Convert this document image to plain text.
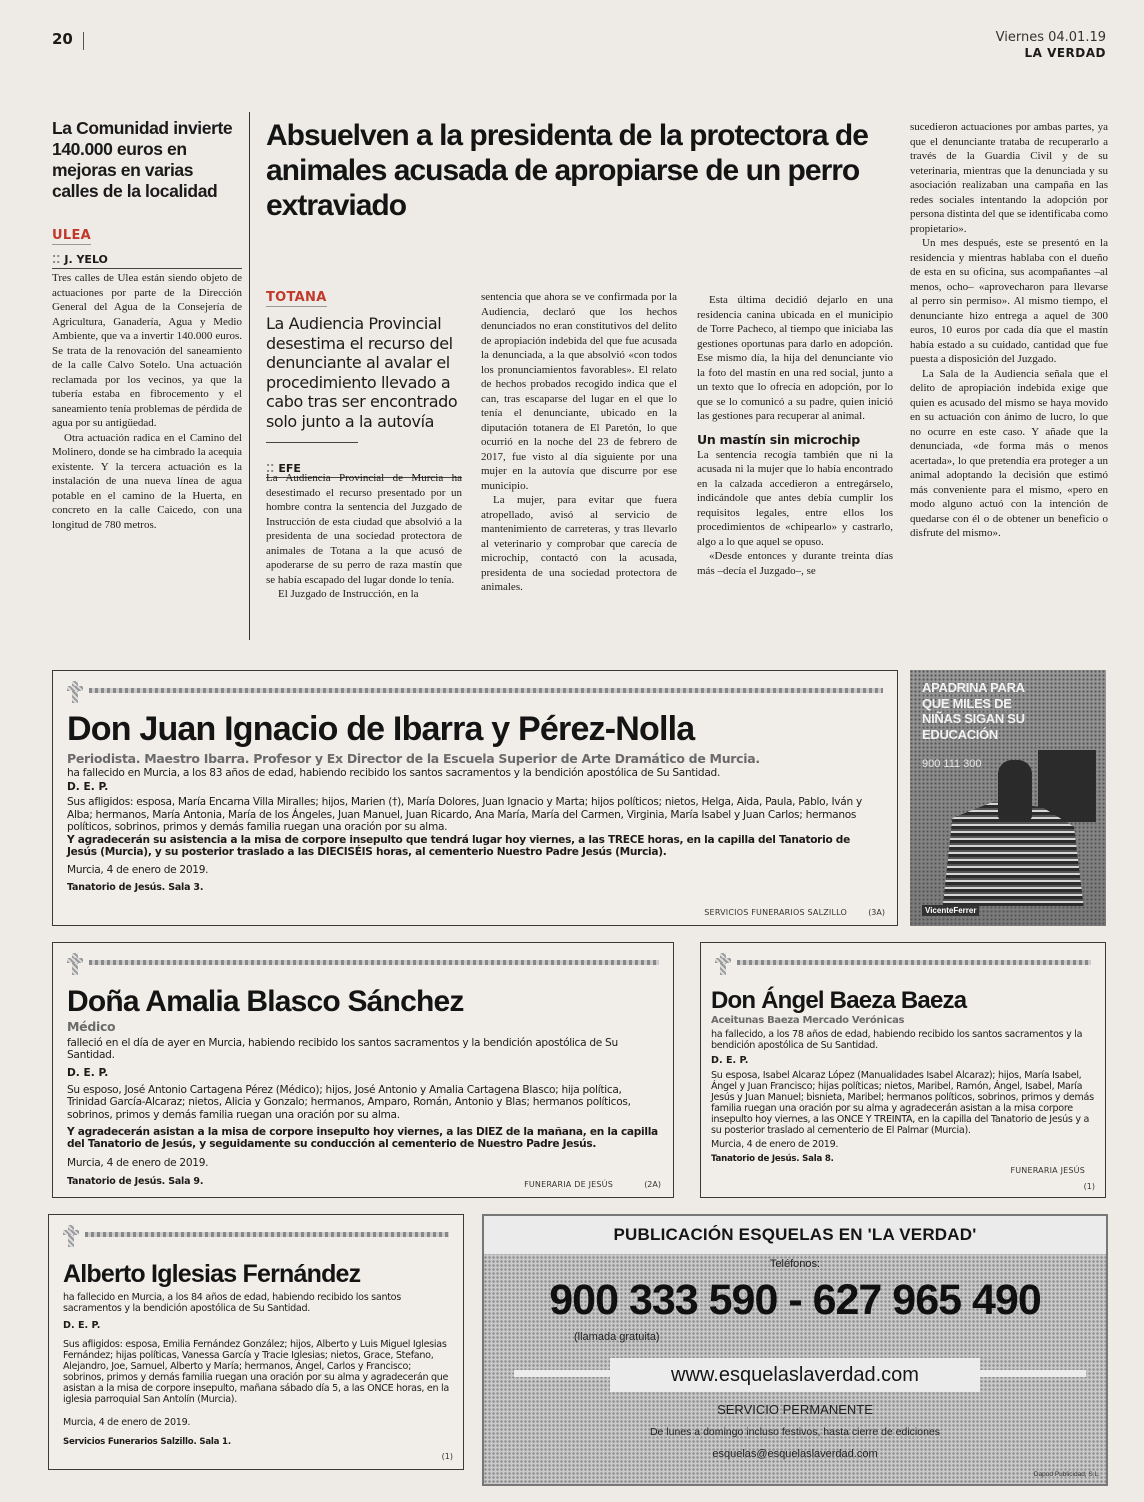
20	Viernes 04.01.19
LA VERDAD
La Comunidad invierte 140.000 euros en mejoras en varias calles de la localidad
ULEA
⁚⁚ J. YELO

Tres calles de Ulea están siendo objeto de actuaciones por parte de la Dirección General del Agua de la Consejería de Agricultura, Ganadería, Agua y Medio Ambiente, que va a invertir 140.000 euros. Se trata de la renovación del saneamiento de la calle Calvo Sotelo. Una actuación reclamada por los vecinos, ya que la tubería estaba en fibrocemento y el saneamiento tenía problemas de pérdida de agua por su antigüedad.

Otra actuación radica en el Camino del Molinero, donde se ha cimbrado la acequia existente. Y la tercera actuación es la instalación de una nueva línea de agua potable en el camino de la Huerta, en concreto en la calle Caicedo, con una longitud de 780 metros.

Absuelven a la presidenta de la protectora de animales acusada de apropiarse de un perro extraviado
TOTANA
La Audiencia Provincial desestima el recurso del denunciante al avalar el procedimiento llevado a cabo tras ser encontrado solo junto a la autovía
⁚⁚ EFE

La Audiencia Provincial de Murcia ha desestimado el recurso presentado por un hombre contra la sentencia del Juzgado de Instrucción de esta ciudad que absolvió a la presidenta de una sociedad protectora de animales de Totana a la que acusó de apoderarse de su perro de raza mastín que se había escapado del lugar donde lo tenía.

El Juzgado de Instrucción, en la

sentencia que ahora se ve confirmada por la Audiencia, declaró que los hechos denunciados no eran constitutivos del delito de apropiación indebida del que fue acusada la denunciada, a la que absolvió «con todos los pronunciamientos favorables». El relato de hechos probados recogido indica que el can, tras escaparse del lugar en el que lo tenía el denunciante, ubicado en la diputación totanera de El Paretón, lo que ocurrió en la noche del 23 de febrero de 2017, fue visto al día siguiente por una mujer en la autovía que discurre por ese municipio.

La mujer, para evitar que fuera atropellado, avisó al servicio de mantenimiento de carreteras, y tras llevarlo al veterinario y comprobar que carecía de microchip, contactó con la acusada, presidenta de una sociedad protectora de animales.

Esta última decidió dejarlo en una residencia canina ubicada en el municipio de Torre Pacheco, al tiempo que iniciaba las gestiones oportunas para darlo en adopción. Ese mismo día, la hija del denunciante vio la foto del mastín en una red social, junto a un texto que lo ofrecía en adopción, por lo que se lo comunicó a su padre, quien inició las gestiones para recuperar al animal.

Un mastín sin microchip

La sentencia recogía también que ni la acusada ni la mujer que lo había encontrado en la calzada accedieron a entregárselo, indicándole que antes debía cumplir los requisitos legales, entre ellos los procedimientos de «chipearlo» y castrarlo, algo a lo que aquel se opuso.

«Desde entonces y durante treinta días más –decía el Juzgado–, se

sucedieron actuaciones por ambas partes, ya que el denunciante trataba de recuperarlo a través de la Guardia Civil y de su veterinaria, mientras que la denunciada y su asociación realizaban una campaña en las redes sociales intentando la adopción por persona distinta del que se identificaba como propietario».

Un mes después, este se presentó en la residencia y mientras hablaba con el dueño de esta en su oficina, sus acompañantes –al menos, ocho– «aprovecharon para llevarse al perro sin permiso». Al mismo tiempo, el denunciante hizo entrega a aquel de 300 euros, 10 euros por cada día que el mastín había estado a su cuidado, cantidad que fue puesta a disposición del Juzgado.

La Sala de la Audiencia señala que el delito de apropiación indebida exige que quien es acusado del mismo se haya movido en su actuación con ánimo de lucro, lo que no ocurre en este caso. Y añade que la denunciada, «de forma más o menos acertada», lo que pretendía era proteger a un animal adoptando la decisión que estimó más conveniente para el mismo, «pero en modo alguno actuó con la intención de quedarse con él o de obtener un beneficio o disfrute del mismo».

Don Juan Ignacio de Ibarra y Pérez-Nolla
Periodista. Maestro Ibarra. Profesor y Ex Director de la Escuela Superior de Arte Dramático de Murcia.
ha fallecido en Murcia, a los 83 años de edad, habiendo recibido los santos sacramentos y la bendición apostólica de Su Santidad.
D. E. P.
Sus afligidos: esposa, María Encarna Villa Miralles; hijos, Marien (†), María Dolores, Juan Ignacio y Marta; hijos políticos; nietos, Helga, Aida, Paula, Pablo, Iván y Alba; hermanos, María Antonia, María de los Ángeles, Juan Manuel, Juan Ricardo, Ana María, María del Carmen, Virginia, María Isabel y Juan Carlos; hermanos políticos, sobrinos, primos y demás familia ruegan una oración por su alma.
Y agradecerán su asistencia a la misa de corpore insepulto que tendrá lugar hoy viernes, a las TRECE horas, en la capilla del Tanatorio de Jesús (Murcia), y su posterior traslado a las DIECISÉIS horas, al cementerio Nuestro Padre Jesús (Murcia).
Murcia, 4 de enero de 2019.
Tanatorio de Jesús. Sala 3.
SERVICIOS FUNERARIOS SALZILLO	(3A)
APADRINA PARA QUE MILES DE NIÑAS SIGAN SU EDUCACIÓN
900 111 300
VicenteFerrer
Doña Amalia Blasco Sánchez
Médico
falleció en el día de ayer en Murcia, habiendo recibido los santos sacramentos y la bendición apostólica de Su Santidad.
D. E. P.
Su esposo, José Antonio Cartagena Pérez (Médico); hijos, José Antonio y Amalia Cartagena Blasco; hija política, Trinidad García-Alcaraz; nietos, Alicia y Gonzalo; hermanos, Amparo, Román, Antonio y Blas; hermanos políticos, sobrinos, primos y demás familia ruegan una oración por su alma.
Y agradecerán asistan a la misa de corpore insepulto hoy viernes, a las DIEZ de la mañana, en la capilla del Tanatorio de Jesús, y seguidamente su conducción al cementerio de Nuestro Padre Jesús.
Murcia, 4 de enero de 2019.
Tanatorio de Jesús. Sala 9.	FUNERARIA DE JESÚS	(2A)
Don Ángel Baeza Baeza
Aceitunas Baeza Mercado Verónicas
ha fallecido, a los 78 años de edad, habiendo recibido los santos sacramentos y la bendición apostólica de Su Santidad.
D. E. P.
Su esposa, Isabel Alcaraz López (Manualidades Isabel Alcaraz); hijos, María Isabel, Ángel y Juan Francisco; hijas políticas; nietos, Maribel, Ramón, Ángel, Isabel, María Jesús y Juan Manuel; bisnieta, Maribel; hermanos políticos, sobrinos, primos y demás familia ruegan una oración por su alma y agradecerán asistan a la misa corpore insepulto hoy viernes, a las ONCE Y TREINTA, en la capilla del Tanatorio de Jesús y a su posterior traslado al cementerio de El Palmar (Murcia).
Murcia, 4 de enero de 2019.
Tanatorio de Jesús. Sala 8.
FUNERARIA JESÚS
(1)
Alberto Iglesias Fernández
ha fallecido en Murcia, a los 84 años de edad, habiendo recibido los santos sacramentos y la bendición apostólica de Su Santidad.
D. E. P.
Sus afligidos: esposa, Emilia Fernández González; hijos, Alberto y Luis Miguel Iglesias Fernández; hijas políticas, Vanessa García y Tracie Iglesias; nietos, Grace, Stefano, Alejandro, Joe, Samuel, Alberto y María; hermanos, Ángel, Carlos y Francisco; sobrinos, primos y demás familia ruegan una oración por su alma y agradecerán que asistan a la misa de corpore insepulto, mañana sábado día 5, a las ONCE horas, en la iglesia parroquial San Antolín (Murcia).
Murcia, 4 de enero de 2019.
Servicios Funerarios Salzillo. Sala 1.
(1)
PUBLICACIÓN ESQUELAS EN 'LA VERDAD'
Teléfonos:
900 333 590 - 627 965 490
(llamada gratuita)
www.esquelaslaverdad.com
SERVICIO PERMANENTE
De lunes a domingo incluso festivos, hasta cierre de ediciones
esquelas@esquelaslaverdad.com
Dapod Publicidad, S.L.
